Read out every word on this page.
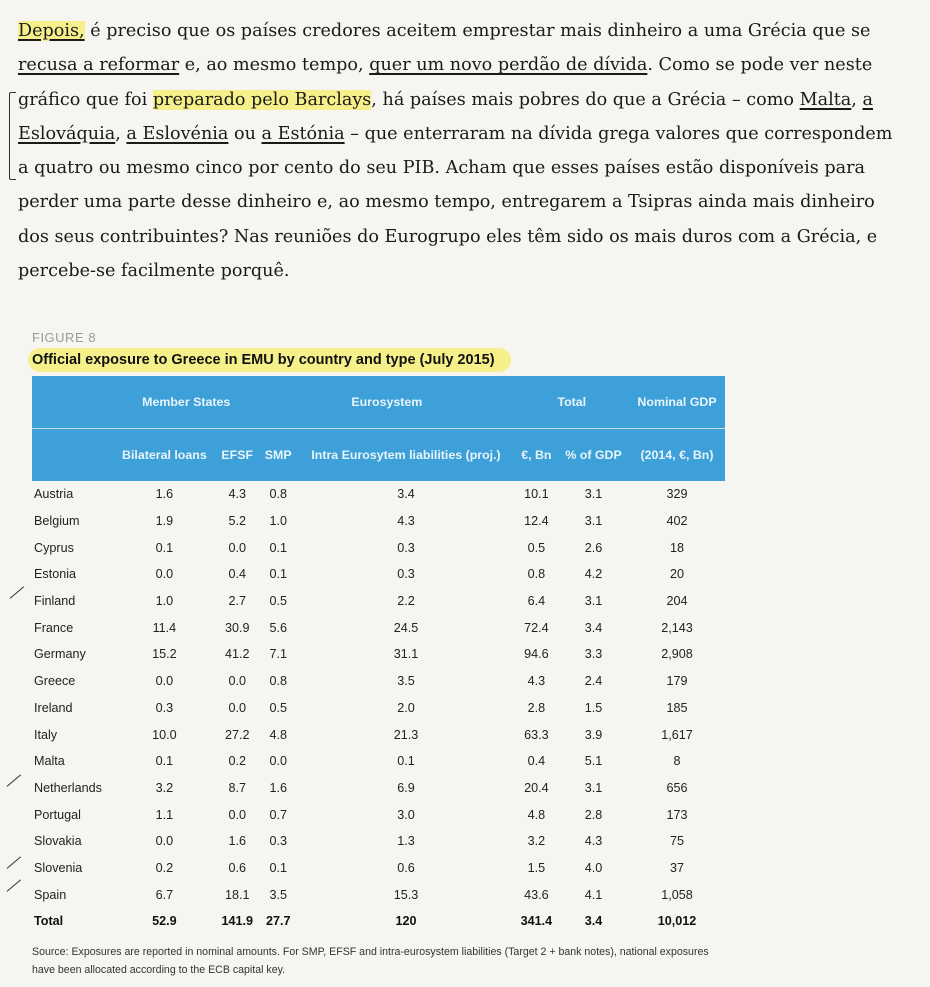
Depois, é preciso que os países credores aceitem emprestar mais dinheiro a uma Grécia que se
recusa a reformar e, ao mesmo tempo, quer um novo perdão de dívida. Como se pode ver neste
gráfico que foi preparado pelo Barclays, há países mais pobres do que a Grécia – como Malta, a
Eslováquia, a Eslovénia ou a Estónia – que enterraram na dívida grega valores que correspondem
a quatro ou mesmo cinco por cento do seu PIB. Acham que esses países estão disponíveis para
perder uma parte desse dinheiro e, ao mesmo tempo, entregarem a Tsipras ainda mais dinheiro
dos seus contribuintes? Nas reuniões do Eurogrupo eles têm sido os mais duros com a Grécia, e
percebe-se facilmente porquê.
FIGURE 8
Official exposure to Greece in EMU by country and type (July 2015)
	Member States		Eurosystem		Total		Nominal GDP
	Bilateral loans	EFSF	SMP	Intra Eurosytem liabilities (proj.)	€, Bn	% of GDP	(2014, €, Bn)
Austria	1.6	4.3	0.8	3.4	10.1	3.1	329
Belgium	1.9	5.2	1.0	4.3	12.4	3.1	402
Cyprus	0.1	0.0	0.1	0.3	0.5	2.6	18
Estonia	0.0	0.4	0.1	0.3	0.8	4.2	20
Finland	1.0	2.7	0.5	2.2	6.4	3.1	204
France	11.4	30.9	5.6	24.5	72.4	3.4	2,143
Germany	15.2	41.2	7.1	31.1	94.6	3.3	2,908
Greece	0.0	0.0	0.8	3.5	4.3	2.4	179
Ireland	0.3	0.0	0.5	2.0	2.8	1.5	185
Italy	10.0	27.2	4.8	21.3	63.3	3.9	1,617
Malta	0.1	0.2	0.0	0.1	0.4	5.1	8
Netherlands	3.2	8.7	1.6	6.9	20.4	3.1	656
Portugal	1.1	0.0	0.7	3.0	4.8	2.8	173
Slovakia	0.0	1.6	0.3	1.3	3.2	4.3	75
Slovenia	0.2	0.6	0.1	0.6	1.5	4.0	37
Spain	6.7	18.1	3.5	15.3	43.6	4.1	1,058
Total	52.9	141.9	27.7	120	341.4	3.4	10,012
Source: Exposures are reported in nominal amounts. For SMP, EFSF and intra-eurosystem liabilities (Target 2 + bank notes), national exposures have been allocated according to the ECB capital key.
